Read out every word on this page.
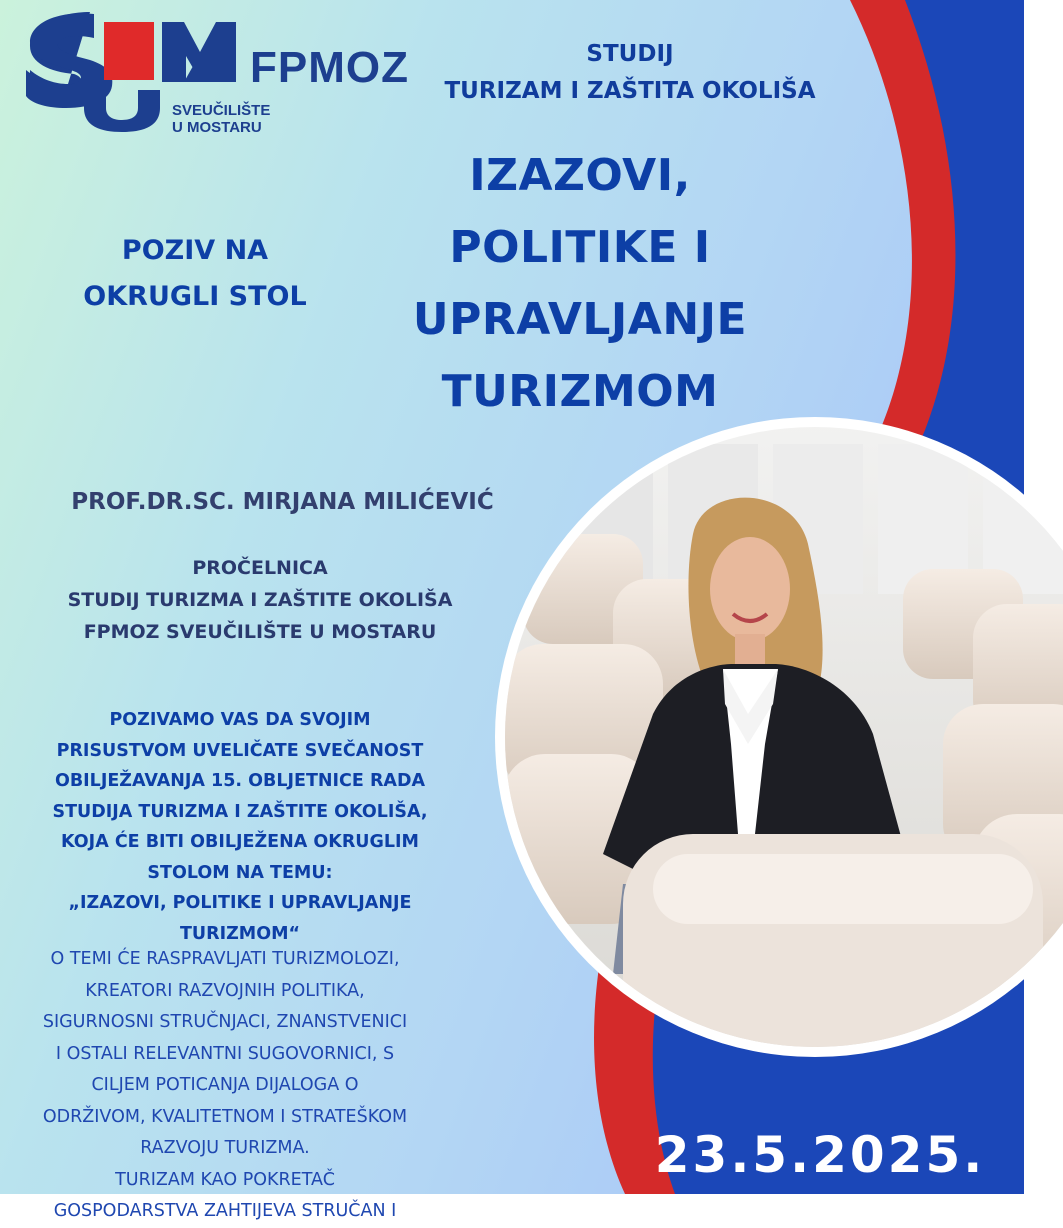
FPMOZ
SVEUČILIŠTE
U MOSTARU
STUDIJ
TURIZAM I ZAŠTITA OKOLIŠA
IZAZOVI,
POLITIKE I
UPRAVLJANJE
TURIZMOM
POZIV NA
OKRUGLI STOL
PROF.DR.SC. MIRJANA MILIĆEVIĆ
PROČELNICA
STUDIJ TURIZMA I ZAŠTITE OKOLIŠA
FPMOZ SVEUČILIŠTE U MOSTARU
POZIVAMO VAS DA SVOJIM
PRISUSTVOM UVELIČATE SVEČANOST
OBILJEŽAVANJA 15. OBLJETNICE RADA
STUDIJA TURIZMA I ZAŠTITE OKOLIŠA,
KOJA ĆE BITI OBILJEŽENA OKRUGLIM
STOLOM NA TEMU:
„IZAZOVI, POLITIKE I UPRAVLJANJE
TURIZMOM“
O TEMI ĆE RASPRAVLJATI TURIZMOLOZI,
KREATORI RAZVOJNIH POLITIKA,
SIGURNOSNI STRUČNJACI, ZNANSTVENICI
I OSTALI RELEVANTNI SUGOVORNICI, S
CILJEM POTICANJA DIJALOGA O
ODRŽIVOM, KVALITETNOM I STRATEŠKOM
RAZVOJU TURIZMA.
TURIZAM KAO POKRETAČ
GOSPODARSTVA ZAHTIJEVA STRUČAN I
23.5.2025.
